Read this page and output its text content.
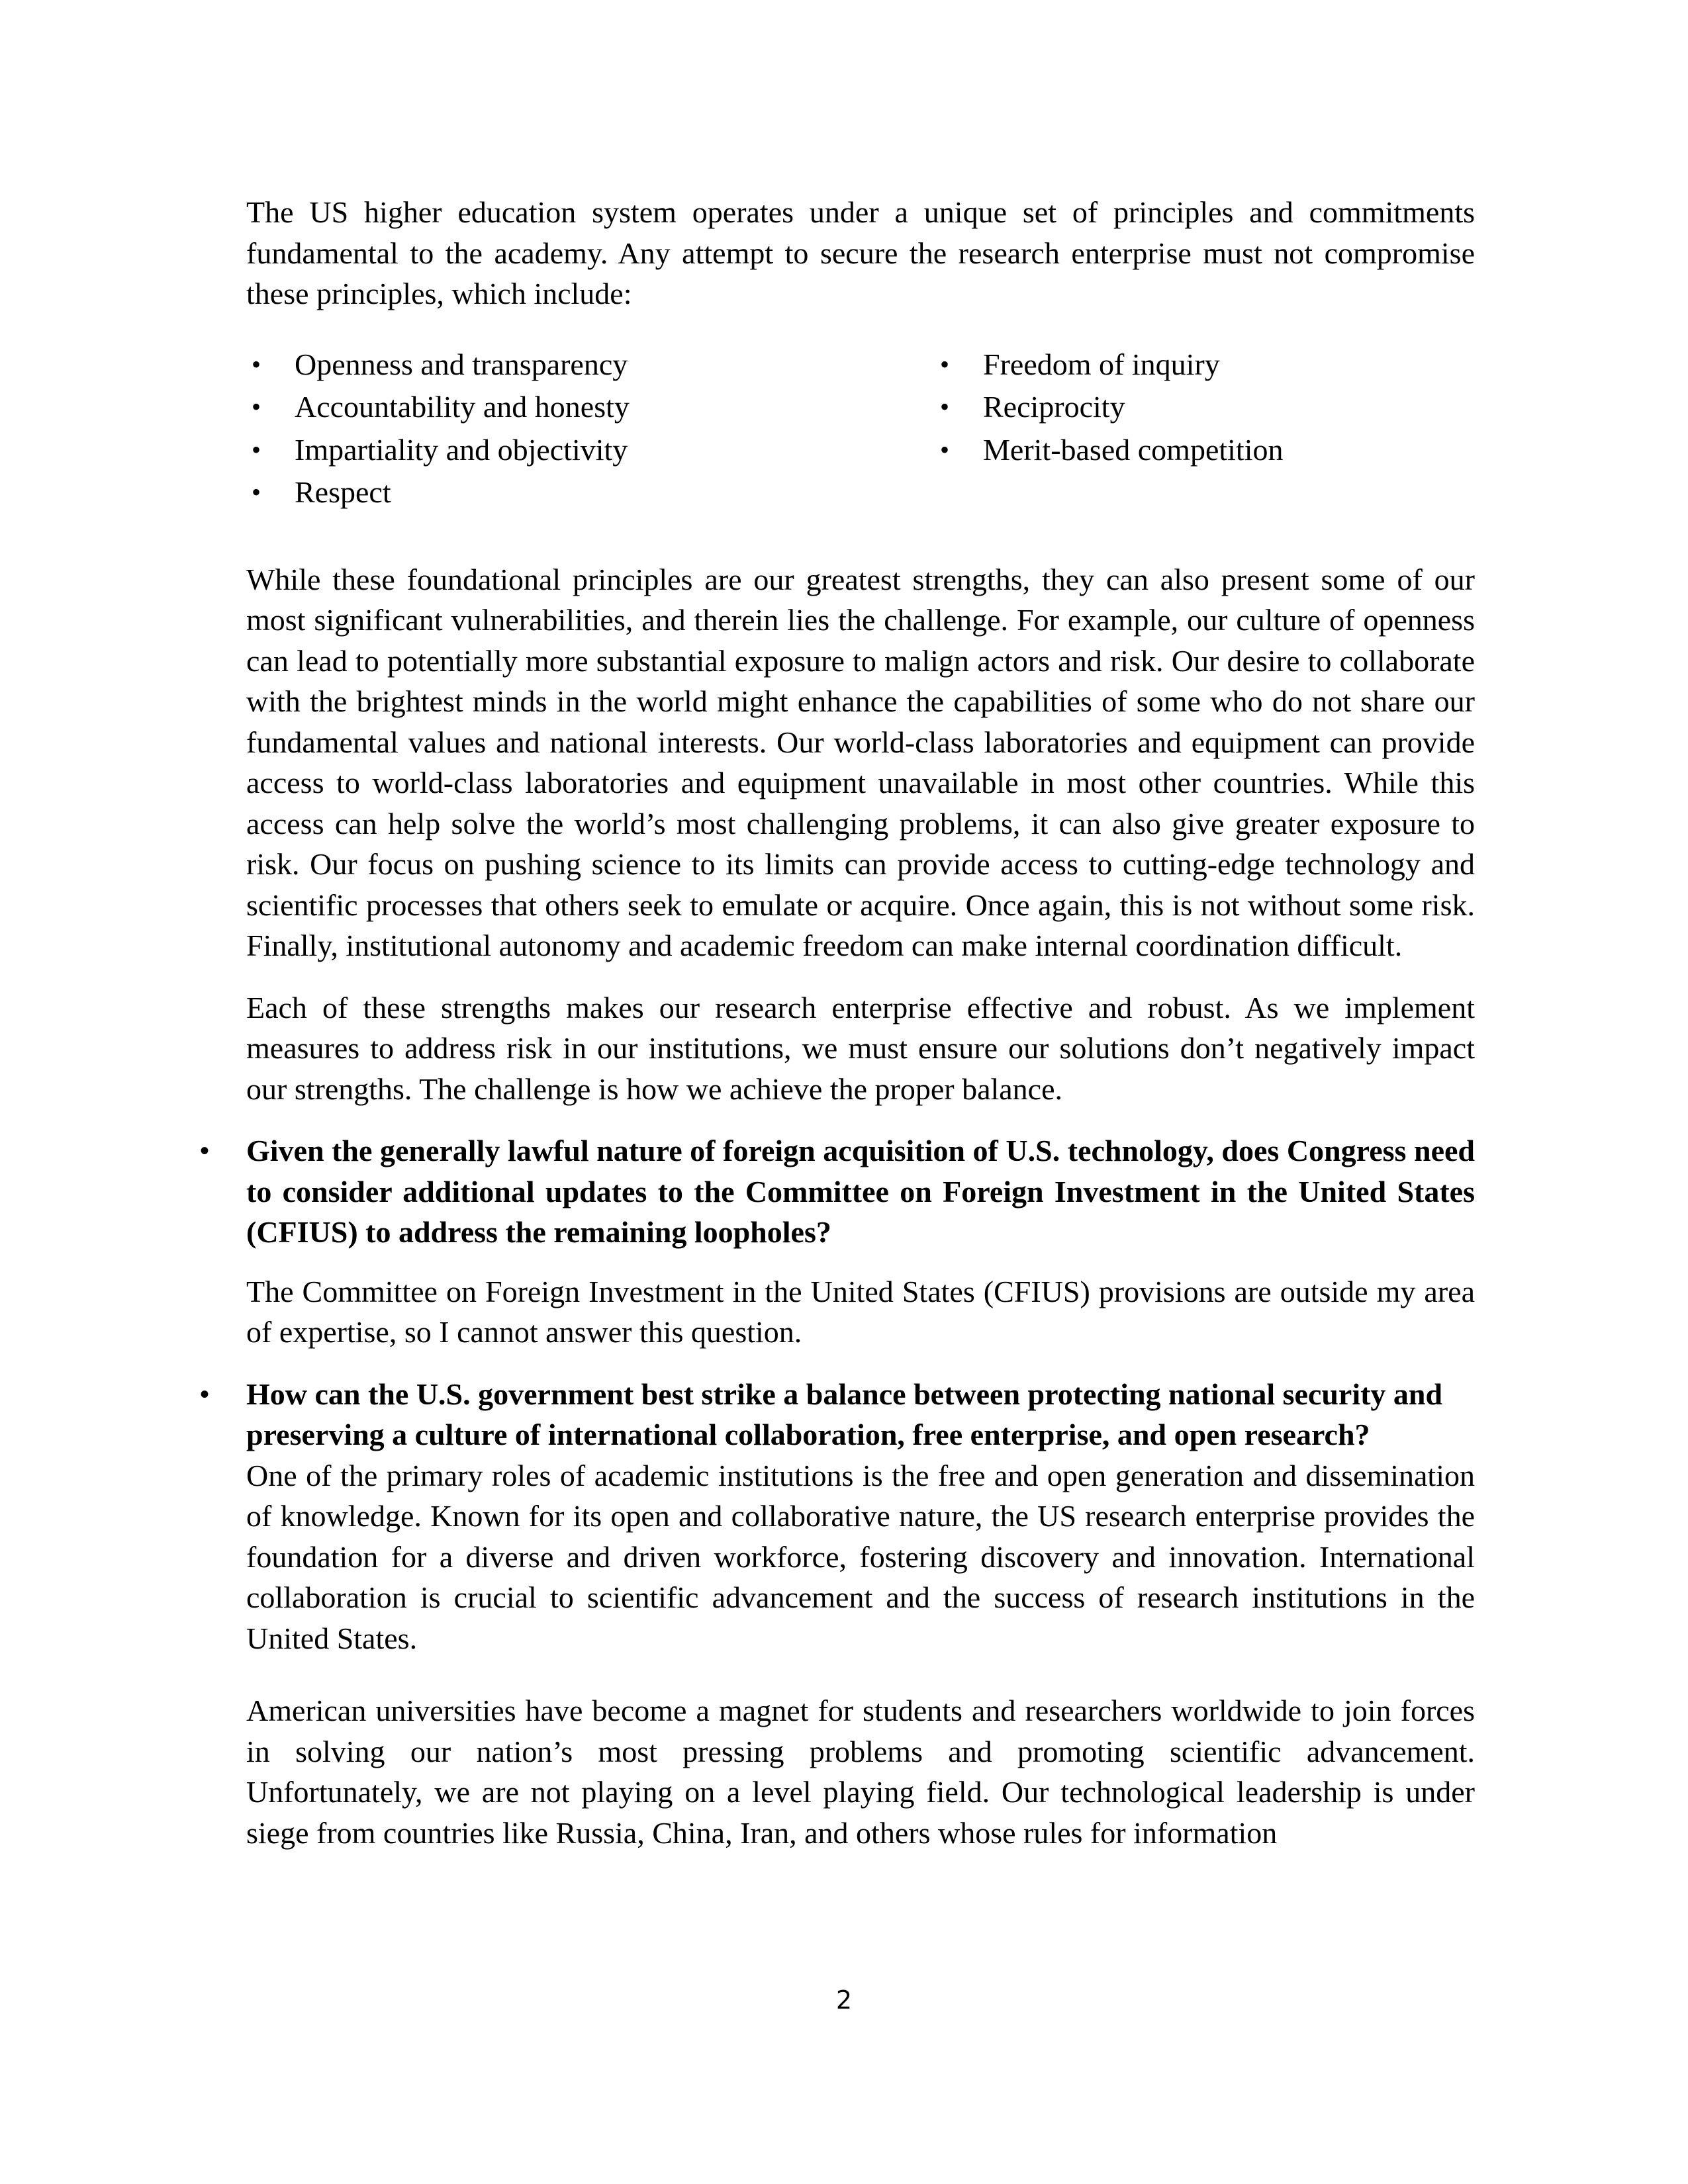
The US higher education system operates under a unique set of principles and commitments fundamental to the academy. Any attempt to secure the research enterprise must not compromise these principles, which include:

• Openness and transparency
• Accountability and honesty
• Impartiality and objectivity
• Respect
• Freedom of inquiry
• Reciprocity
• Merit-based competition

While these foundational principles are our greatest strengths, they can also present some of our most significant vulnerabilities, and therein lies the challenge. For example, our culture of openness can lead to potentially more substantial exposure to malign actors and risk. Our desire to collaborate with the brightest minds in the world might enhance the capabilities of some who do not share our fundamental values and national interests. Our world-class laboratories and equipment can provide access to world-class laboratories and equipment unavailable in most other countries. While this access can help solve the world’s most challenging problems, it can also give greater exposure to risk. Our focus on pushing science to its limits can provide access to cutting-edge technology and scientific processes that others seek to emulate or acquire. Once again, this is not without some risk. Finally, institutional autonomy and academic freedom can make internal coordination difficult.

Each of these strengths makes our research enterprise effective and robust. As we implement measures to address risk in our institutions, we must ensure our solutions don’t negatively impact our strengths. The challenge is how we achieve the proper balance.

• Given the generally lawful nature of foreign acquisition of U.S. technology, does Congress need to consider additional updates to the Committee on Foreign Investment in the United States (CFIUS) to address the remaining loopholes?

The Committee on Foreign Investment in the United States (CFIUS) provisions are outside my area of expertise, so I cannot answer this question.

• How can the U.S. government best strike a balance between protecting national security and preserving a culture of international collaboration, free enterprise, and open research?

One of the primary roles of academic institutions is the free and open generation and dissemination of knowledge. Known for its open and collaborative nature, the US research enterprise provides the foundation for a diverse and driven workforce, fostering discovery and innovation. International collaboration is crucial to scientific advancement and the success of research institutions in the United States.

American universities have become a magnet for students and researchers worldwide to join forces in solving our nation’s most pressing problems and promoting scientific advancement. Unfortunately, we are not playing on a level playing field. Our technological leadership is under siege from countries like Russia, China, Iran, and others whose rules for information

2
